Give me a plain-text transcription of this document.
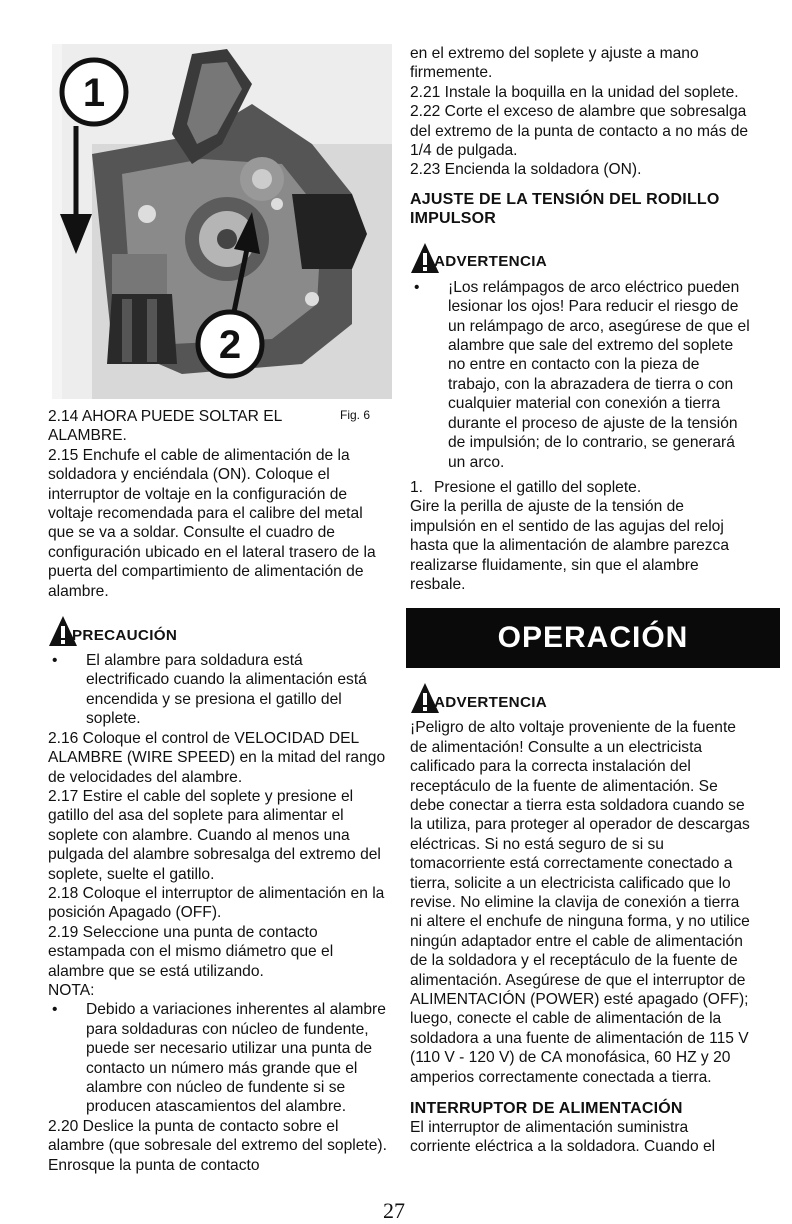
1
2

2.14 AHORA PUEDE SOLTAR EL ALAMBRE.

2.15 Enchufe el cable de alimentación de la soldadora y enciéndala (ON). Coloque el interruptor de voltaje en la configuración de voltaje recomendada para el calibre del metal que se va a soldar. Consulte el cuadro de configuración ubicado en el lateral trasero de la puerta del compartimiento de alimentación de alambre.

PRECAUCIÓN
• El alambre para soldadura está electrificado cuando la alimentación está encendida y se presiona el gatillo del soplete.

2.16 Coloque el control de VELOCIDAD DEL ALAMBRE (WIRE SPEED) en la mitad del rango de velocidades del alambre.

2.17 Estire el cable del soplete y presione el gatillo del asa del soplete para alimentar el soplete con alambre. Cuando al menos una pulgada del alambre sobresalga del extremo del soplete, suelte el gatillo.

2.18 Coloque el interruptor de alimentación en la posición Apagado (OFF).

2.19 Seleccione una punta de contacto estampada con el mismo diámetro que el alambre que se está utilizando.

NOTA:

• Debido a variaciones inherentes al alambre para soldaduras con núcleo de fundente, puede ser necesario utilizar una punta de contacto un número más grande que el alambre con núcleo de fundente si se producen atascamientos del alambre.

2.20 Deslice la punta de contacto sobre el alambre (que sobresale del extremo del soplete). Enrosque la punta de contacto

Fig. 6

en el extremo del soplete y ajuste a mano firmemente.

2.21 Instale la boquilla en la unidad del soplete.

2.22 Corte el exceso de alambre que sobresalga del extremo de la punta de contacto a no más de 1/4 de pulgada.

2.23 Encienda la soldadora (ON).

AJUSTE DE LA TENSIÓN DEL RODILLO IMPULSOR
ADVERTENCIA
• ¡Los relámpagos de arco eléctrico pueden lesionar los ojos! Para reducir el riesgo de un relámpago de arco, asegúrese de que el alambre que sale del extremo del soplete no entre en contacto con la pieza de trabajo, con la abrazadera de tierra o con cualquier material con conexión a tierra durante el proceso de ajuste de la tensión de impulsión; de lo contrario, se generará un arco.
1. Presione el gatillo del soplete.

Gire la perilla de ajuste de la tensión de impulsión en el sentido de las agujas del reloj hasta que la alimentación de alambre parezca realizarse fluidamente, sin que el alambre resbale.

OPERACIÓN
ADVERTENCIA

¡Peligro de alto voltaje proveniente de la fuente de alimentación! Consulte a un electricista calificado para la correcta instalación del receptáculo de la fuente de alimentación. Se debe conectar a tierra esta soldadora cuando se la utiliza, para proteger al operador de descargas eléctricas. Si no está seguro de si su tomacorriente está correctamente conectado a tierra, solicite a un electricista calificado que lo revise. No elimine la clavija de conexión a tierra ni altere el enchufe de ninguna forma, y no utilice ningún adaptador entre el cable de alimentación de la soldadora y el receptáculo de la fuente de alimentación. Asegúrese de que el interruptor de ALIMENTACIÓN (POWER) esté apagado (OFF); luego, conecte el cable de alimentación de la soldadora a una fuente de alimentación de 115 V (110 V - 120 V) de CA monofásica, 60 HZ y 20 amperios correctamente conectada a tierra.

INTERRUPTOR DE ALIMENTACIÓN

El interruptor de alimentación suministra corriente eléctrica a la soldadora. Cuando el

27
